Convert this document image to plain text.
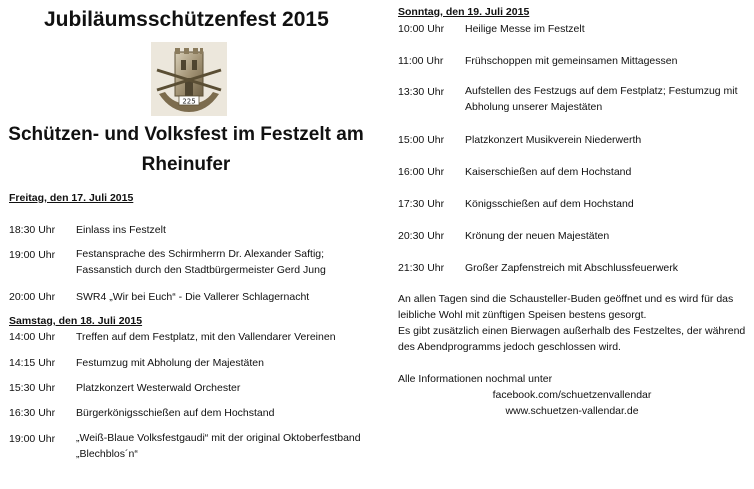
Jubiläumsschützenfest 2015
225
Schützen- und Volksfest im Festzelt am
Rheinufer
Freitag, den 17. Juli 2015
18:30 Uhr Einlass ins Festzelt
19:00 Uhr Festansprache des Schirmherrn Dr. Alexander Saftig;
Fassanstich durch den Stadtbürgermeister Gerd Jung
20:00 Uhr SWR4 „Wir bei Euch“ - Die Vallerer Schlagernacht
Samstag, den 18. Juli 2015
14:00 Uhr Treffen auf dem Festplatz, mit den Vallendarer Vereinen
14:15 Uhr Festumzug mit Abholung der Majestäten
15:30 Uhr Platzkonzert Westerwald Orchester
16:30 Uhr Bürgerkönigsschießen auf dem Hochstand
19:00 Uhr „Weiß-Blaue Volksfestgaudi“ mit der original Oktoberfestband
„Blechblos´n“
Sonntag, den 19. Juli 2015
10:00 Uhr Heilige Messe im Festzelt
11:00 Uhr Frühschoppen mit gemeinsamen Mittagessen
13:30 Uhr Aufstellen des Festzugs auf dem Festplatz; Festumzug mit
Abholung unserer Majestäten
15:00 Uhr Platzkonzert Musikverein Niederwerth
16:00 Uhr Kaiserschießen auf dem Hochstand
17:30 Uhr Königsschießen auf dem Hochstand
20:30 Uhr Krönung der neuen Majestäten
21:30 Uhr Großer Zapfenstreich mit Abschlussfeuerwerk
An allen Tagen sind die Schausteller-Buden geöffnet und es wird für das
leibliche Wohl mit zünftigen Speisen bestens gesorgt.
Es gibt zusätzlich einen Bierwagen außerhalb des Festzeltes, der während
des Abendprogramms jedoch geschlossen wird.
Alle Informationen nochmal unter
facebook.com/schuetzenvallendar
www.schuetzen-vallendar.de
